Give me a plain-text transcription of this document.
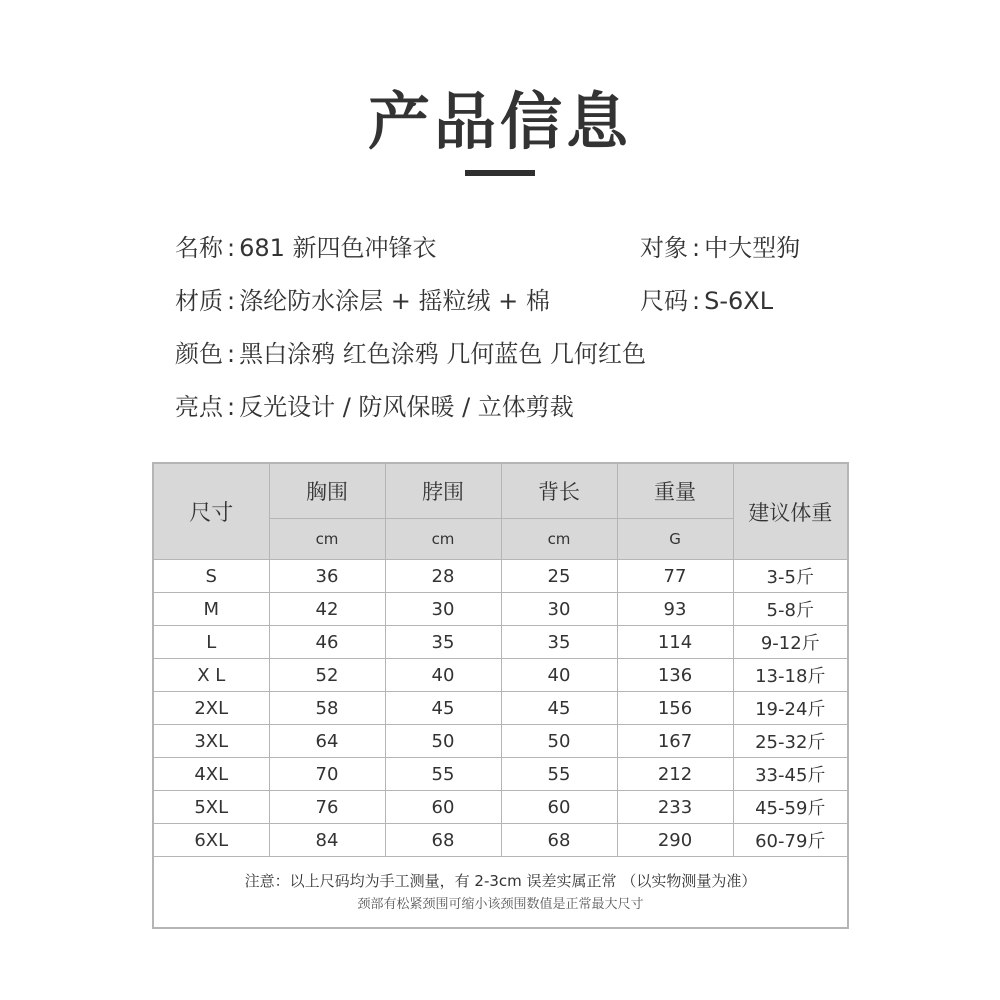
产品信息
名称 : 681 新四色冲锋衣	对象 : 中大型狗
材质 : 涤纶防水涂层 + 摇粒绒 + 棉	尺码 : S-6XL
颜色 : 黑白涂鸦 红色涂鸦 几何蓝色 几何红色
亮点 : 反光设计 / 防风保暖 / 立体剪裁
尺寸	胸围	脖围	背长	重量	建议体重
	cm	cm	cm	G	
S	36	28	25	77	3-5斤
M	42	30	30	93	5-8斤
L	46	35	35	114	9-12斤
X L	52	40	40	136	13-18斤
2XL	58	45	45	156	19-24斤
3XL	64	50	50	167	25-32斤
4XL	70	55	55	212	33-45斤
5XL	76	60	60	233	45-59斤
6XL	84	68	68	290	60-79斤

注意：以上尺码均为手工测量，有 2-3cm 误差实属正常 （以实物测量为准）
颈部有松紧颈围可缩小该颈围数值是正常最大尺寸					
